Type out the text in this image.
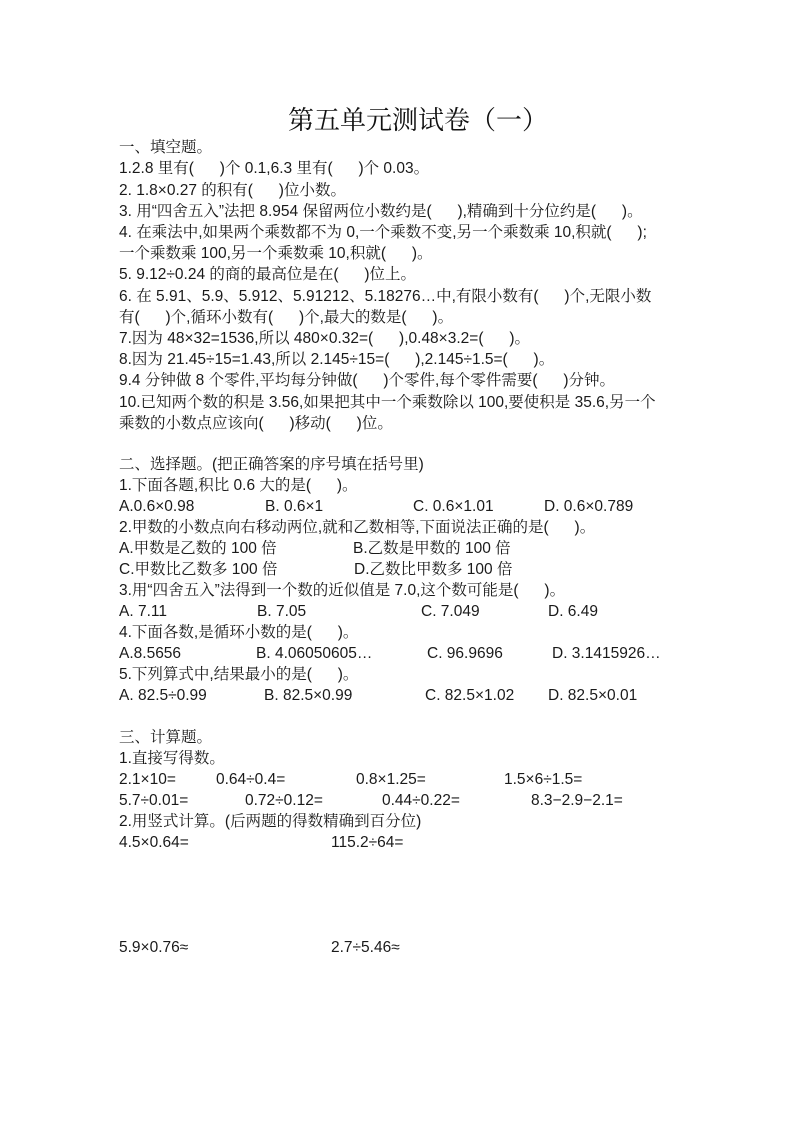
第五单元测试卷（一）
一、填空题。
1.2.8 里有(      )个 0.1,6.3 里有(      )个 0.03。
2. 1.8×0.27 的积有(      )位小数。
3. 用“四舍五入”法把 8.954 保留两位小数约是(      ),精确到十分位约是(      )。
4. 在乘法中,如果两个乘数都不为 0,一个乘数不变,另一个乘数乘 10,积就(      );
一个乘数乘 100,另一个乘数乘 10,积就(      )。
5. 9.12÷0.24 的商的最高位是在(      )位上。
6. 在 5.91、5.9、5.912、5.91212、5.18276…中,有限小数有(      )个,无限小数
有(      )个,循环小数有(      )个,最大的数是(      )。
7.因为 48×32=1536,所以 480×0.32=(      ),0.48×3.2=(      )。
8.因为 21.45÷15=1.43,所以 2.145÷15=(      ),2.145÷1.5=(      )。
9.4 分钟做 8 个零件,平均每分钟做(      )个零件,每个零件需要(      )分钟。
10.已知两个数的积是 3.56,如果把其中一个乘数除以 100,要使积是 35.6,另一个
乘数的小数点应该向(      )移动(      )位。
二、选择题。(把正确答案的序号填在括号里)
1.下面各题,积比 0.6 大的是(      )。
A.0.6×0.98	B. 0.6×1	C. 0.6×1.01	D. 0.6×0.789
2.甲数的小数点向右移动两位,就和乙数相等,下面说法正确的是(      )。
A.甲数是乙数的 100 倍	B.乙数是甲数的 100 倍
C.甲数比乙数多 100 倍	D.乙数比甲数多 100 倍
3.用“四舍五入”法得到一个数的近似值是 7.0,这个数可能是(      )。
A. 7.11	B. 7.05	C. 7.049	D. 6.49
4.下面各数,是循环小数的是(      )。
A.8.5656	B. 4.06050605…	C. 96.9696	D. 3.1415926…
5.下列算式中,结果最小的是(      )。
A. 82.5÷0.99	B. 82.5×0.99	C. 82.5×1.02 D. 82.5×0.01
三、计算题。
1.直接写得数。
2.1×10=	0.64÷0.4=	0.8×1.25=	1.5×6÷1.5=
5.7÷0.01=	0.72÷0.12=	0.44÷0.22=	8.3−2.9−2.1=
2.用竖式计算。(后两题的得数精确到百分位)
4.5×0.64=	115.2÷64=
5.9×0.76≈	2.7÷5.46≈
